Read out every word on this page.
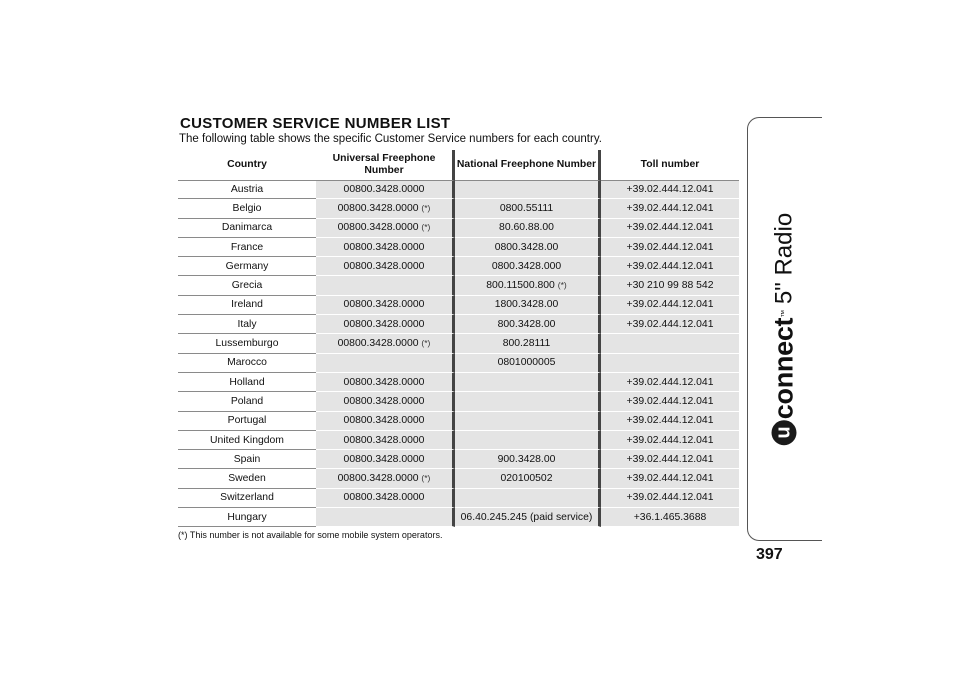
CUSTOMER SERVICE NUMBER LIST
The following table shows the specific Customer Service numbers for each country.
Country	Universal Freephone Number	National Freephone Number	Toll number
Austria	00800.3428.0000		+39.02.444.12.041
Belgio	00800.3428.0000 (*)	0800.55111	+39.02.444.12.041
Danimarca	00800.3428.0000 (*)	80.60.88.00	+39.02.444.12.041
France	00800.3428.0000	0800.3428.00	+39.02.444.12.041
Germany	00800.3428.0000	0800.3428.000	+39.02.444.12.041
Grecia		800.11500.800 (*)	+30 210 99 88 542
Ireland	00800.3428.0000	1800.3428.00	+39.02.444.12.041
Italy	00800.3428.0000	800.3428.00	+39.02.444.12.041
Lussemburgo	00800.3428.0000 (*)	800.28111	
Marocco		0801000005	
Holland	00800.3428.0000		+39.02.444.12.041
Poland	00800.3428.0000		+39.02.444.12.041
Portugal	00800.3428.0000		+39.02.444.12.041
United Kingdom	00800.3428.0000		+39.02.444.12.041
Spain	00800.3428.0000	900.3428.00	+39.02.444.12.041
Sweden	00800.3428.0000 (*)	020100502	+39.02.444.12.041
Switzerland	00800.3428.0000		+39.02.444.12.041
Hungary		06.40.245.245 (paid service)	+36.1.465.3688
(*) This number is not available for some mobile system operators.
u
connect
™
5" Radio
397
